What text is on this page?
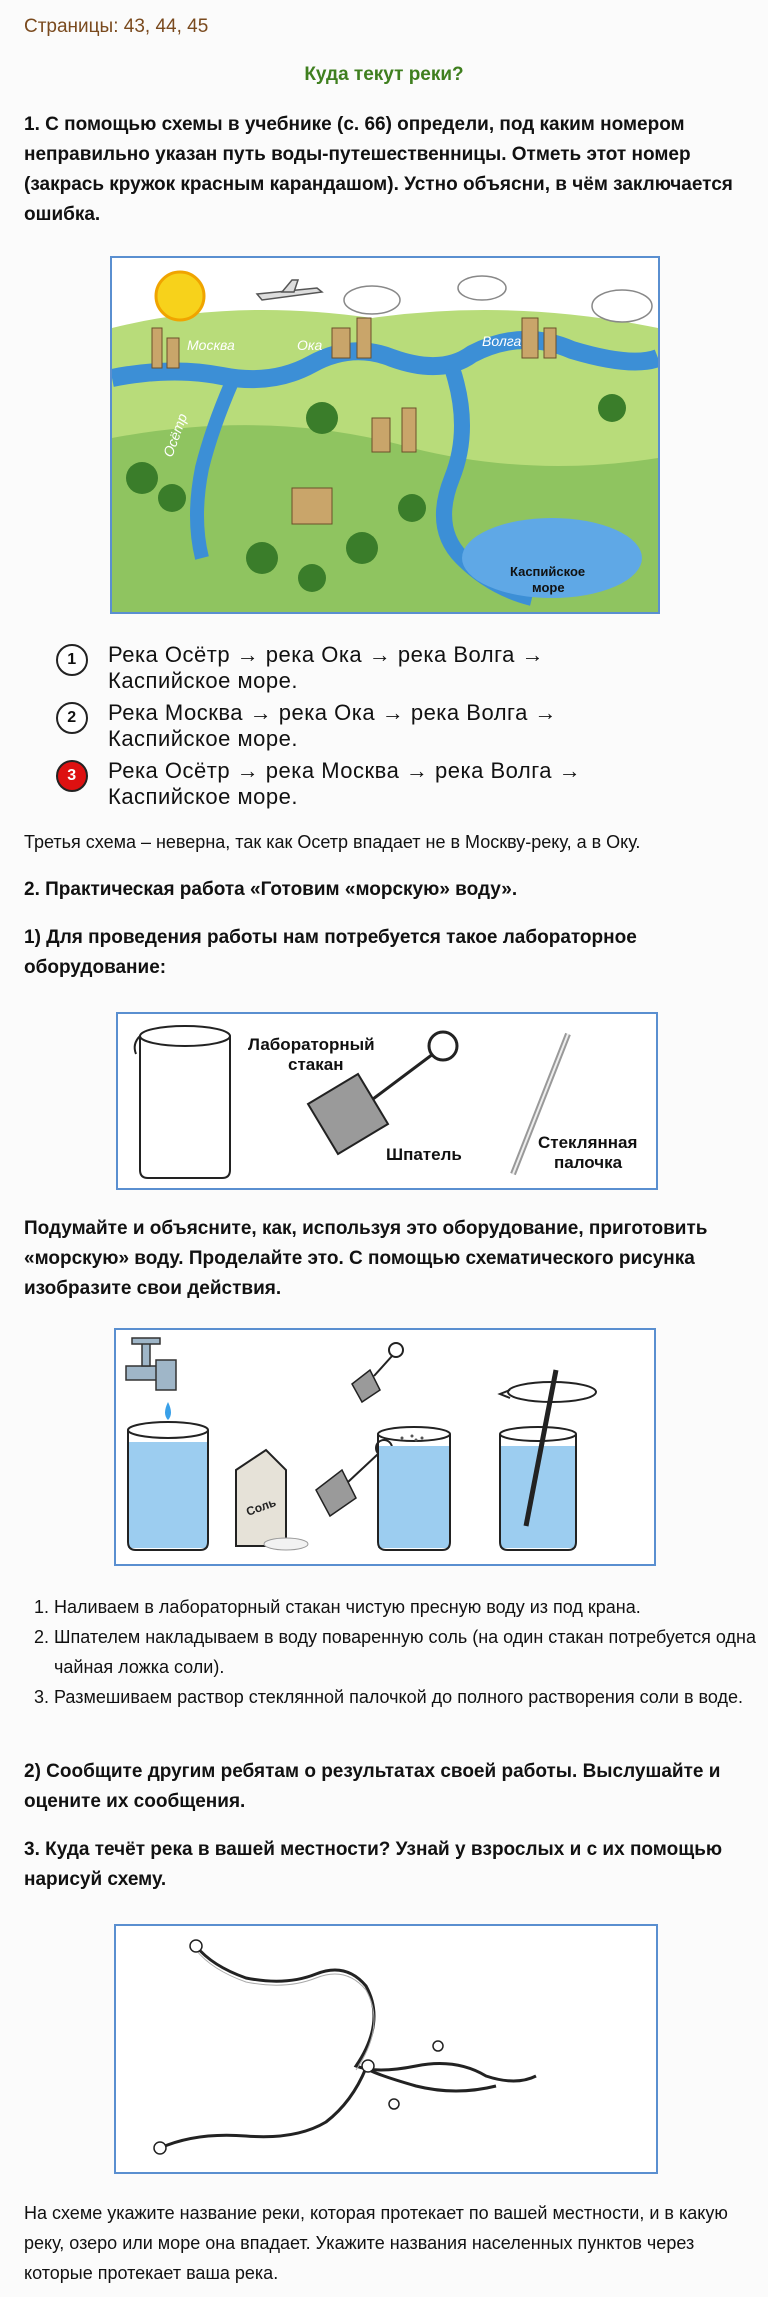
Страницы: 43, 44, 45
Куда текут реки?
1. С помощью схемы в учебнике (с. 66) определи, под каким номером неправильно указан путь воды-путешественницы. Отметь этот номер (закрась кружок красным карандашом). Устно объясни, в чём заключается ошибка.
Москва	Ока	Волга
Осётр
Каспийское
море
1	Река Осётр → река Ока → река Волга → Каспийское море.
2	Река Москва → река Ока → река Волга → Каспийское море.
3	Река Осётр → река Москва → река Волга → Каспийское море.
Третья схема – неверна, так как Осетр впадает не в Москву-реку, а в Оку.
2. Практическая работа «Готовим «морскую» воду».
1) Для проведения работы нам потребуется такое лабораторное оборудование:
Лабораторный
стакан
Шпатель
Стеклянная
палочка
Подумайте и объясните, как, используя это оборудование, приготовить «морскую» воду. Проделайте это. С помощью схематического рисунка изобразите свои действия.
Соль
1. Наливаем в лабораторный стакан чистую пресную воду из под крана.
2. Шпателем накладываем в воду поваренную соль (на один стакан потребуется одна чайная ложка соли).
3. Размешиваем раствор стеклянной палочкой до полного растворения соли в воде.
2) Сообщите другим ребятам о результатах своей работы. Выслушайте и оцените их сообщения.
3. Куда течёт река в вашей местности? Узнай у взрослых и с их помощью нарисуй схему.
На схеме укажите название реки, которая протекает по вашей местности, и в какую реку, озеро или море она впадает. Укажите названия населенных пунктов через которые протекает ваша река.
